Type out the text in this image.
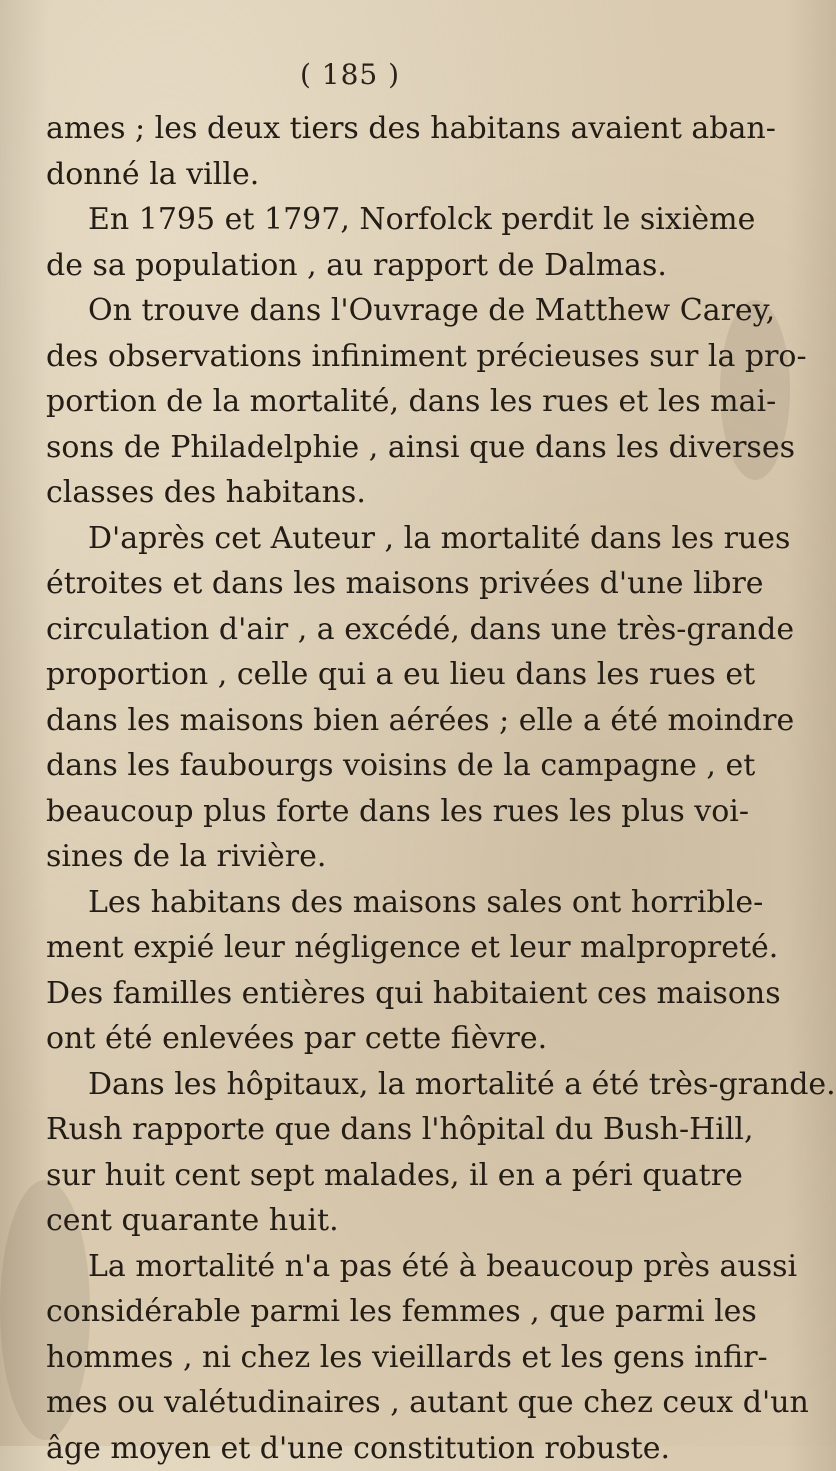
( 185 )
ames ; les deux tiers des habitans avaient aban-
donné la ville.
En 1795 et 1797, Norfolck perdit le sixième
de sa population , au rapport de Dalmas.
On trouve dans l'Ouvrage de Matthew Carey,
des observations infiniment précieuses sur la pro-
portion de la mortalité, dans les rues et les mai-
sons de Philadelphie , ainsi que dans les diverses
classes des habitans.
D'après cet Auteur , la mortalité dans les rues
étroites et dans les maisons privées d'une libre
circulation d'air , a excédé, dans une très-grande
proportion , celle qui a eu lieu dans les rues et
dans les maisons bien aérées ; elle a été moindre
dans les faubourgs voisins de la campagne , et
beaucoup plus forte dans les rues les plus voi-
sines de la rivière.
Les habitans des maisons sales ont horrible-
ment expié leur négligence et leur malpropreté.
Des familles entières qui habitaient ces maisons
ont été enlevées par cette fièvre.
Dans les hôpitaux, la mortalité a été très-grande.
Rush rapporte que dans l'hôpital du Bush-Hill,
sur huit cent sept malades, il en a péri quatre
cent quarante huit.
La mortalité n'a pas été à beaucoup près aussi
considérable parmi les femmes , que parmi les
hommes , ni chez les vieillards et les gens infir-
mes ou valétudinaires , autant que chez ceux d'un
âge moyen et d'une constitution robuste.
